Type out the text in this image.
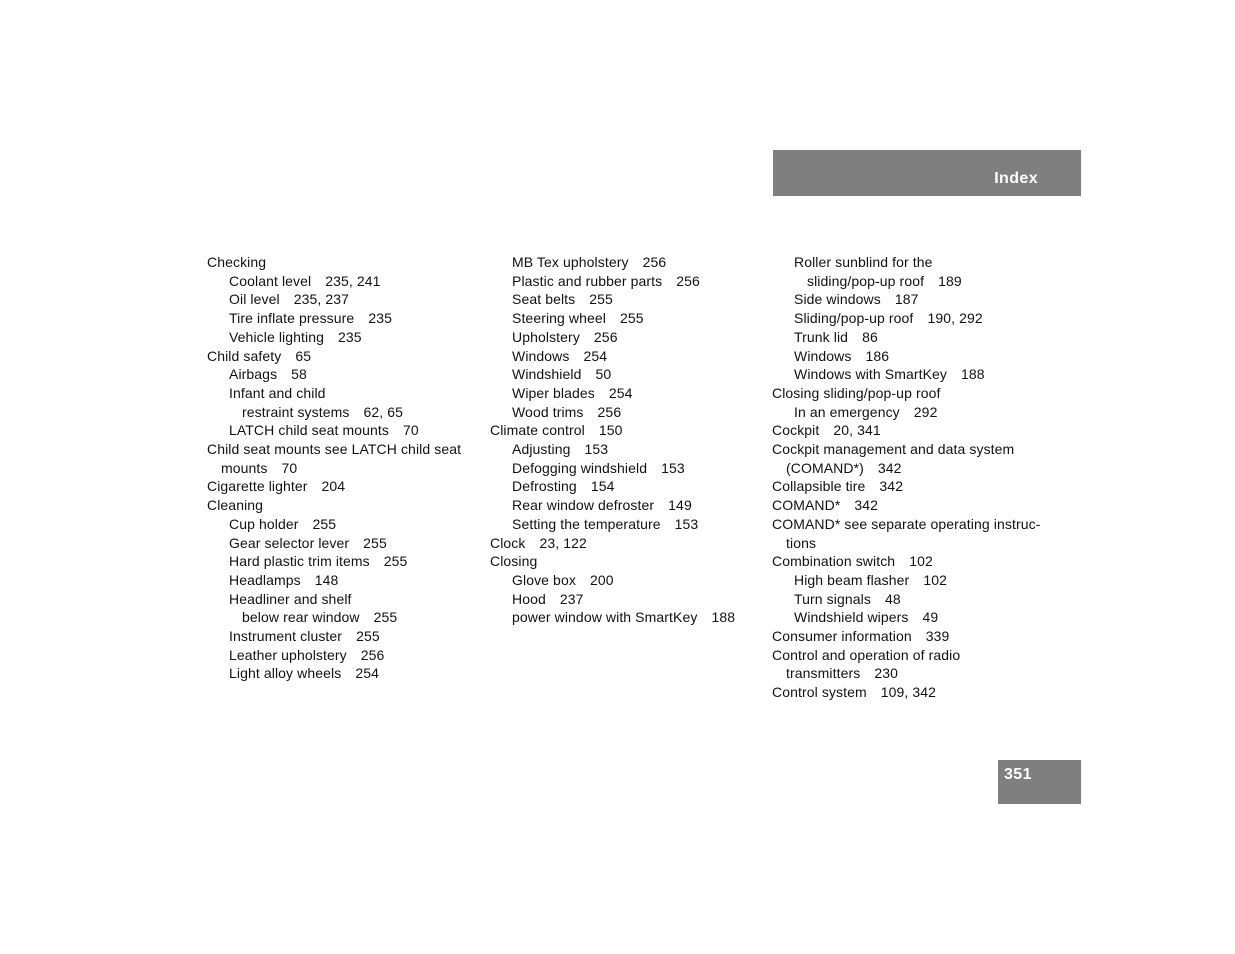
Index
Checking
Coolant level 235, 241
Oil level 235, 237
Tire inflate pressure 235
Vehicle lighting 235
Child safety 65
Airbags 58
Infant and child
restraint systems 62, 65
LATCH child seat mounts 70
Child seat mounts see LATCH child seat
mounts 70
Cigarette lighter 204
Cleaning
Cup holder 255
Gear selector lever 255
Hard plastic trim items 255
Headlamps 148
Headliner and shelf
below rear window 255
Instrument cluster 255
Leather upholstery 256
Light alloy wheels 254
MB Tex upholstery 256
Plastic and rubber parts 256
Seat belts 255
Steering wheel 255
Upholstery 256
Windows 254
Windshield 50
Wiper blades 254
Wood trims 256
Climate control 150
Adjusting 153
Defogging windshield 153
Defrosting 154
Rear window defroster 149
Setting the temperature 153
Clock 23, 122
Closing
Glove box 200
Hood 237
power window with SmartKey 188
Roller sunblind for the
sliding/pop-up roof 189
Side windows 187
Sliding/pop-up roof 190, 292
Trunk lid 86
Windows 186
Windows with SmartKey 188
Closing sliding/pop-up roof
In an emergency 292
Cockpit 20, 341
Cockpit management and data system
(COMAND*) 342
Collapsible tire 342
COMAND* 342
COMAND* see separate operating instruc-
tions
Combination switch 102
High beam flasher 102
Turn signals 48
Windshield wipers 49
Consumer information 339
Control and operation of radio
transmitters 230
Control system 109, 342
351
